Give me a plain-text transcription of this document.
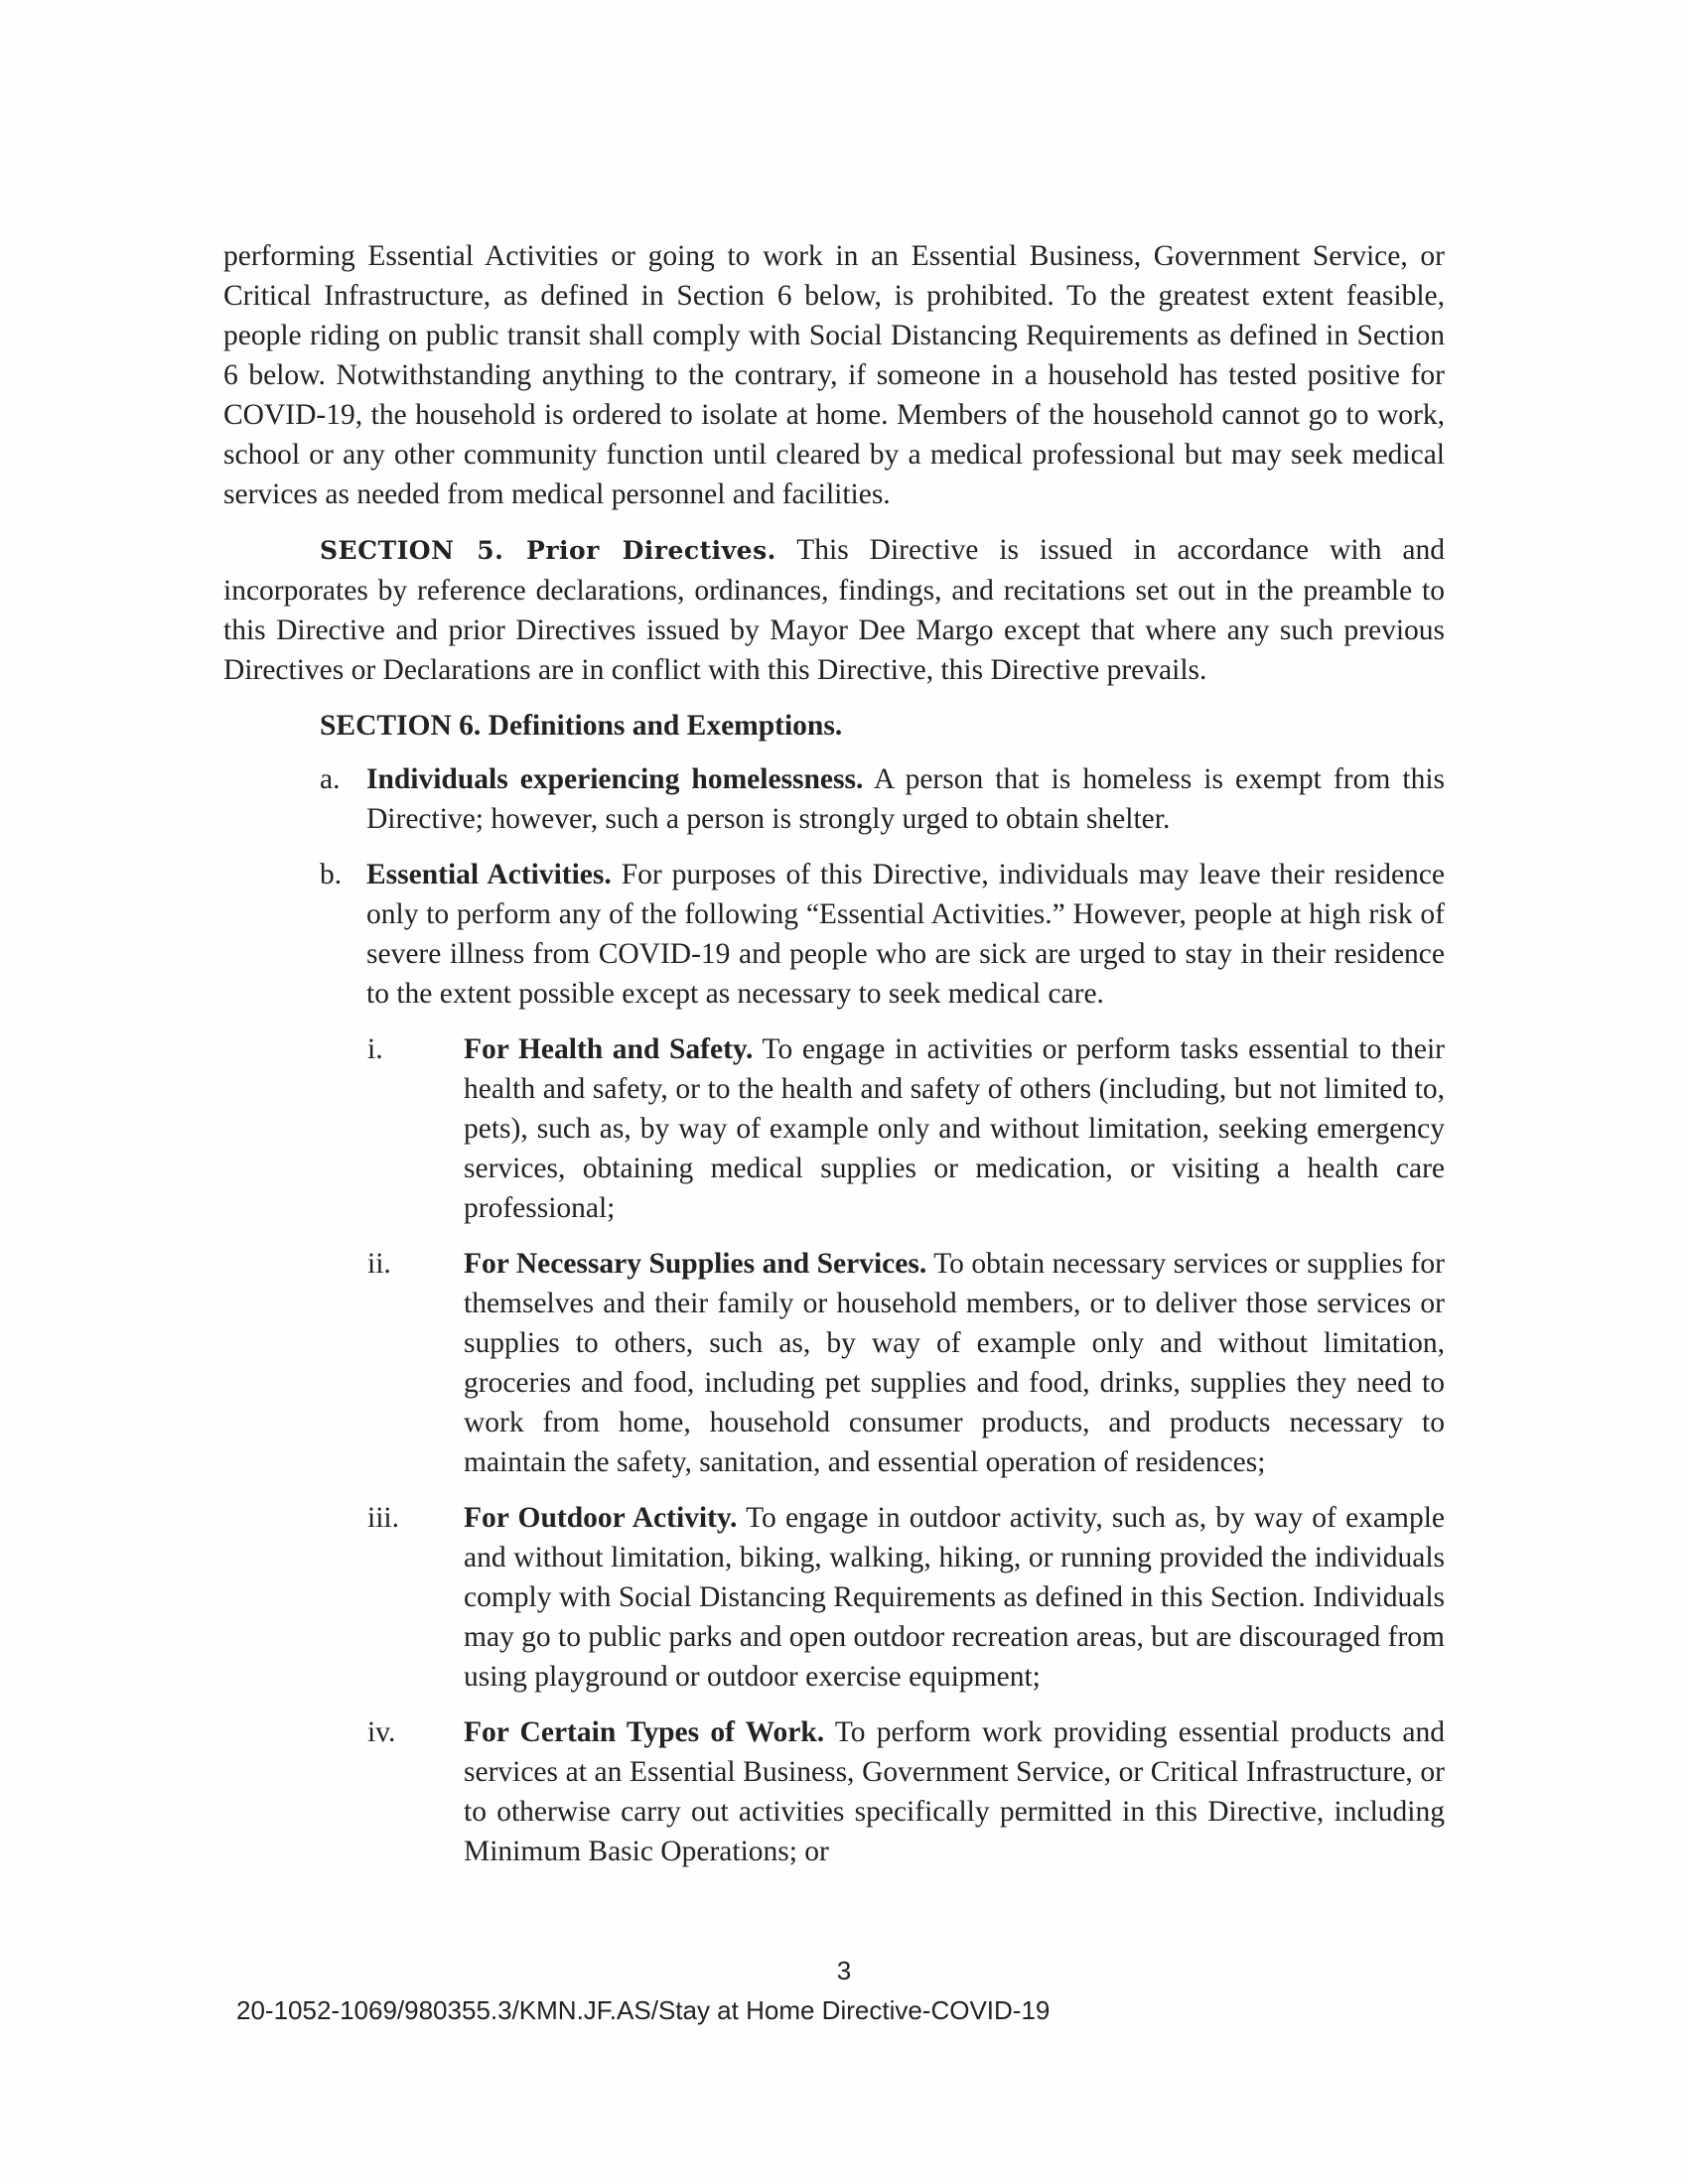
performing Essential Activities or going to work in an Essential Business, Government Service, or Critical Infrastructure, as defined in Section 6 below, is prohibited. To the greatest extent feasible, people riding on public transit shall comply with Social Distancing Requirements as defined in Section 6 below. Notwithstanding anything to the contrary, if someone in a household has tested positive for COVID-19, the household is ordered to isolate at home. Members of the household cannot go to work, school or any other community function until cleared by a medical professional but may seek medical services as needed from medical personnel and facilities.

SECTION 5. Prior Directives. This Directive is issued in accordance with and incorporates by reference declarations, ordinances, findings, and recitations set out in the preamble to this Directive and prior Directives issued by Mayor Dee Margo except that where any such previous Directives or Declarations are in conflict with this Directive, this Directive prevails.

SECTION 6. Definitions and Exemptions.

a. Individuals experiencing homelessness. A person that is homeless is exempt from this Directive; however, such a person is strongly urged to obtain shelter.

b. Essential Activities. For purposes of this Directive, individuals may leave their residence only to perform any of the following “Essential Activities.” However, people at high risk of severe illness from COVID-19 and people who are sick are urged to stay in their residence to the extent possible except as necessary to seek medical care.

i.	For Health and Safety. To engage in activities or perform tasks essential to their health and safety, or to the health and safety of others (including, but not limited to, pets), such as, by way of example only and without limitation, seeking emergency services, obtaining medical supplies or medication, or visiting a health care professional;

ii. For Necessary Supplies and Services. To obtain necessary services or supplies for themselves and their family or household members, or to deliver those services or supplies to others, such as, by way of example only and without limitation, groceries and food, including pet supplies and food, drinks, supplies they need to work from home, household consumer products, and products necessary to maintain the safety, sanitation, and essential operation of residences;

iii. For Outdoor Activity. To engage in outdoor activity, such as, by way of example and without limitation, biking, walking, hiking, or running provided the individuals comply with Social Distancing Requirements as defined in this Section. Individuals may go to public parks and open outdoor recreation areas, but are discouraged from using playground or outdoor exercise equipment;

iv. For Certain Types of Work. To perform work providing essential products and services at an Essential Business, Government Service, or Critical Infrastructure, or to otherwise carry out activities specifically permitted in this Directive, including Minimum Basic Operations; or

3
20-1052-1069/980355.3/KMN.JF.AS/Stay at Home Directive-COVID-19
